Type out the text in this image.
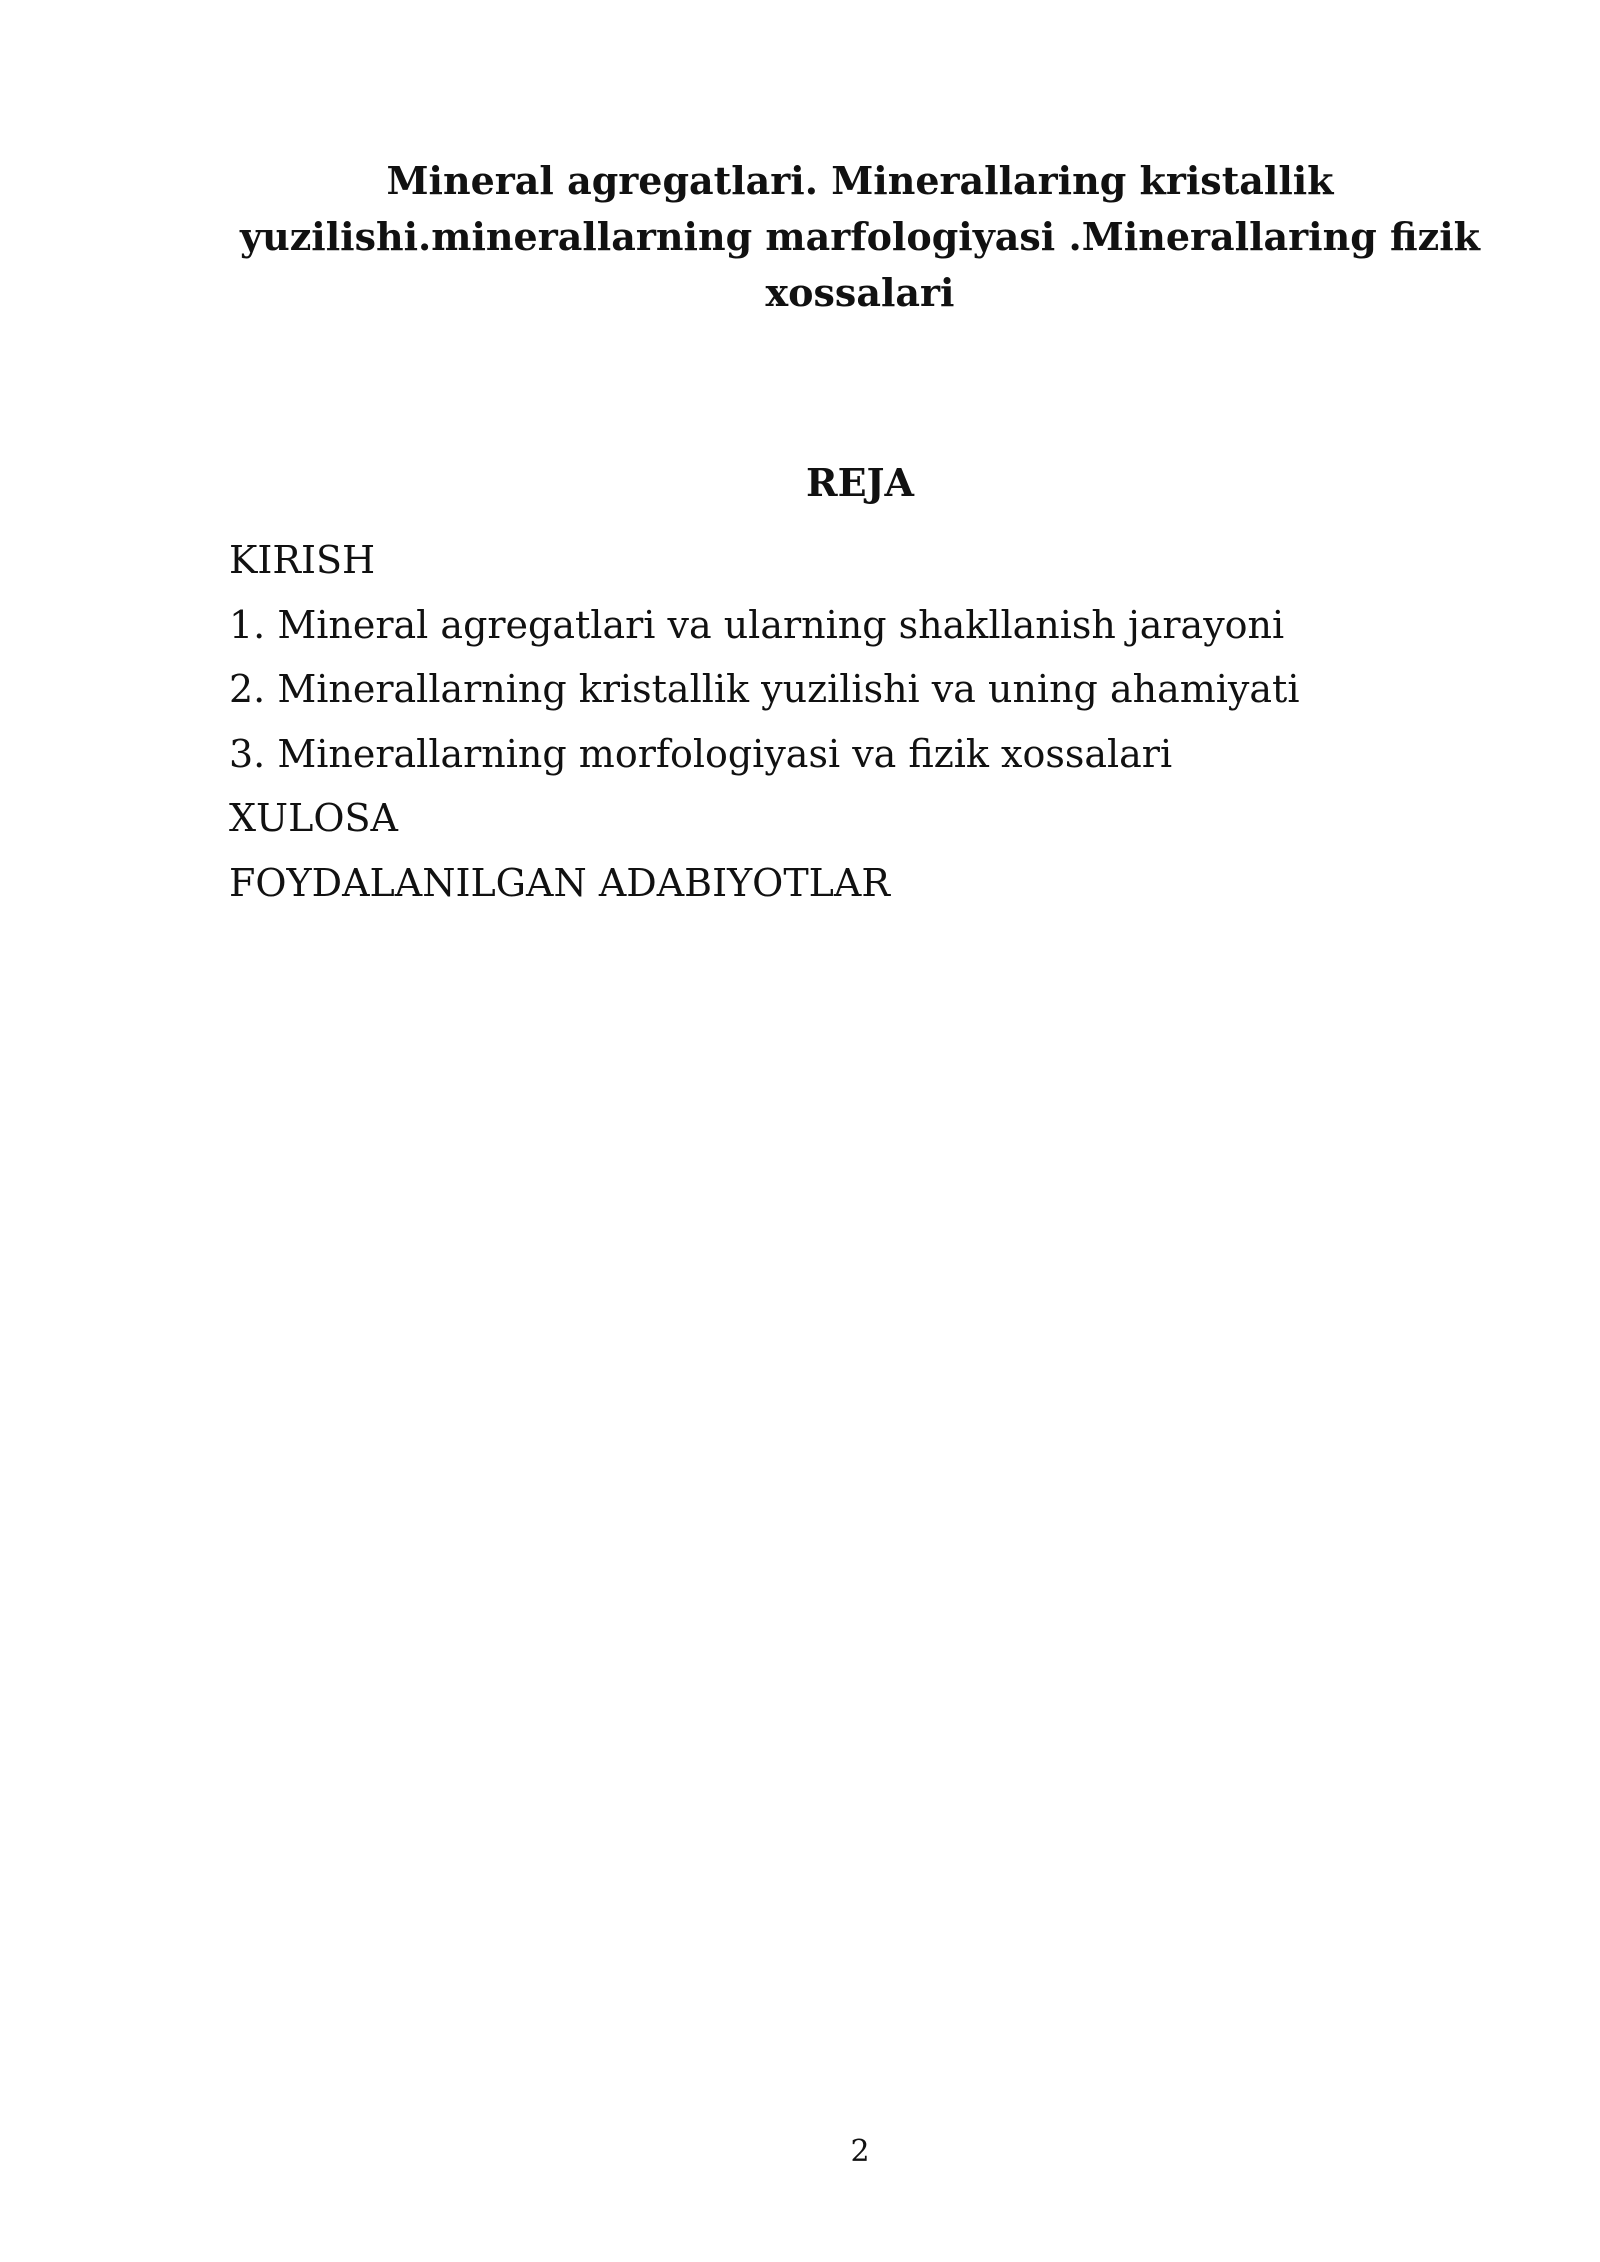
Mineral agregatlari. Minerallaring kristallik
yuzilishi.minerallarning marfologiyasi .Minerallaring fizik
xossalari
REJA
KIRISH
1. Mineral agregatlari va ularning shakllanish jarayoni
2. Minerallarning kristallik yuzilishi va uning ahamiyati
3. Minerallarning morfologiyasi va fizik xossalari
XULOSA
FOYDALANILGAN ADABIYOTLAR
2
